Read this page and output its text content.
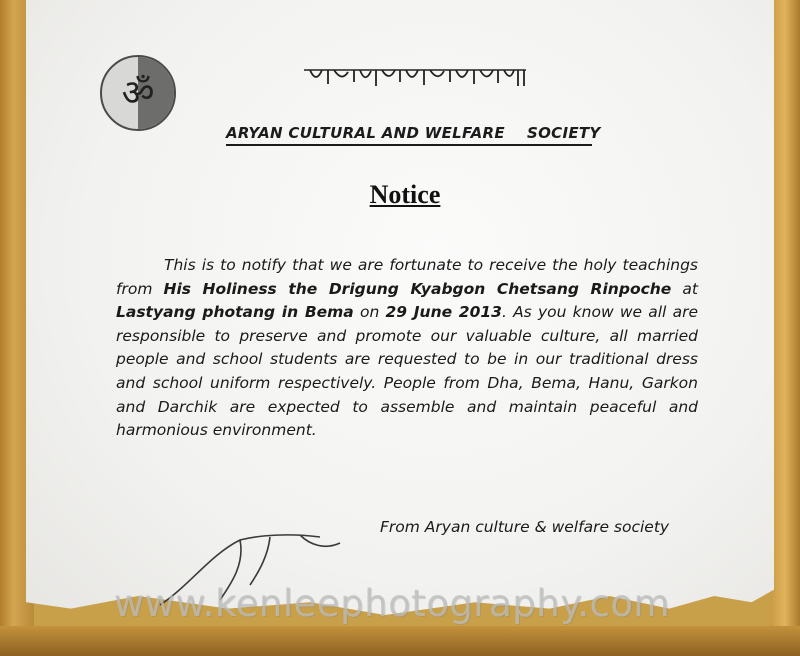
ॐ
ARYAN CULTURAL AND WELFARE    SOCIETY
Notice
This is to notify that we are fortunate to receive the holy teachings from His Holiness the Drigung Kyabgon Chetsang Rinpoche at Lastyang photang in Bema on 29 June 2013. As you know we all are responsible to preserve and promote our valuable culture, all married people and school students are requested to be in our traditional dress and school uniform respectively. People from Dha, Bema, Hanu, Garkon and Darchik are expected to assemble and maintain peaceful and harmonious environment.
From Aryan culture & welfare society
www.kenleephotography.com
